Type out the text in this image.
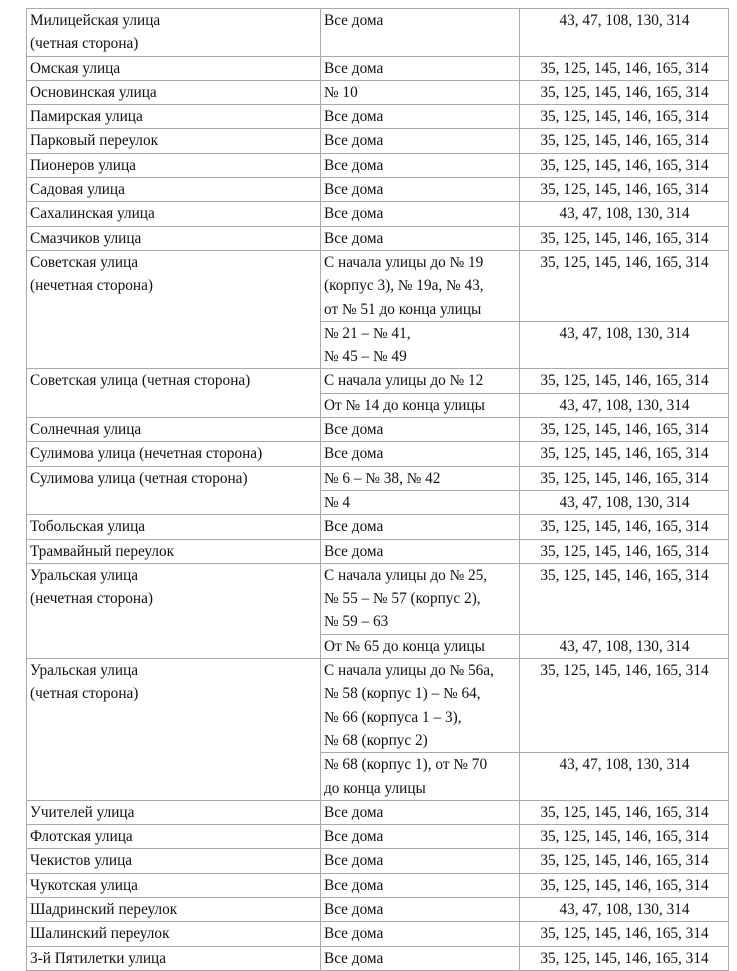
Милицейская улица
(четная сторона)	Все дома	43, 47, 108, 130, 314

Омская улица	Все дома	35, 125, 145, 146, 165, 314

Основинская улица	№ 10	35, 125, 145, 146, 165, 314

Памирская улица	Все дома	35, 125, 145, 146, 165, 314

Парковый переулок	Все дома	35, 125, 145, 146, 165, 314

Пионеров улица	Все дома	35, 125, 145, 146, 165, 314

Садовая улица	Все дома	35, 125, 145, 146, 165, 314

Сахалинская улица	Все дома	43, 47, 108, 130, 314

Смазчиков улица	Все дома	35, 125, 145, 146, 165, 314

Советская улица
(нечетная сторона)	С начала улицы до № 19
(корпус 3), № 19а, № 43,
от № 51 до конца улицы	35, 125, 145, 146, 165, 314

	№ 21 – № 41,
№ 45 – № 49	43, 47, 108, 130, 314

Советская улица (четная сторона)	С начала улицы до № 12	35, 125, 145, 146, 165, 314

	От № 14 до конца улицы	43, 47, 108, 130, 314

Солнечная улица	Все дома	35, 125, 145, 146, 165, 314

Сулимова улица (нечетная сторона)	Все дома	35, 125, 145, 146, 165, 314

Сулимова улица (четная сторона)	№ 6 – № 38, № 42	35, 125, 145, 146, 165, 314

	№ 4	43, 47, 108, 130, 314

Тобольская улица	Все дома	35, 125, 145, 146, 165, 314

Трамвайный переулок	Все дома	35, 125, 145, 146, 165, 314

Уральская улица
(нечетная сторона)	С начала улицы до № 25,
№ 55 – № 57 (корпус 2),
№ 59 – 63	35, 125, 145, 146, 165, 314

	От № 65 до конца улицы	43, 47, 108, 130, 314

Уральская улица
(четная сторона)	С начала улицы до № 56а,
№ 58 (корпус 1) – № 64,
№ 66 (корпуса 1 – 3),
№ 68 (корпус 2)	35, 125, 145, 146, 165, 314

	№ 68 (корпус 1), от № 70
до конца улицы	43, 47, 108, 130, 314

Учителей улица	Все дома	35, 125, 145, 146, 165, 314

Флотская улица	Все дома	35, 125, 145, 146, 165, 314

Чекистов улица	Все дома	35, 125, 145, 146, 165, 314

Чукотская улица	Все дома	35, 125, 145, 146, 165, 314

Шадринский переулок	Все дома	43, 47, 108, 130, 314

Шалинский переулок	Все дома	35, 125, 145, 146, 165, 314

3-й Пятилетки улица	Все дома	35, 125, 145, 146, 165, 314
